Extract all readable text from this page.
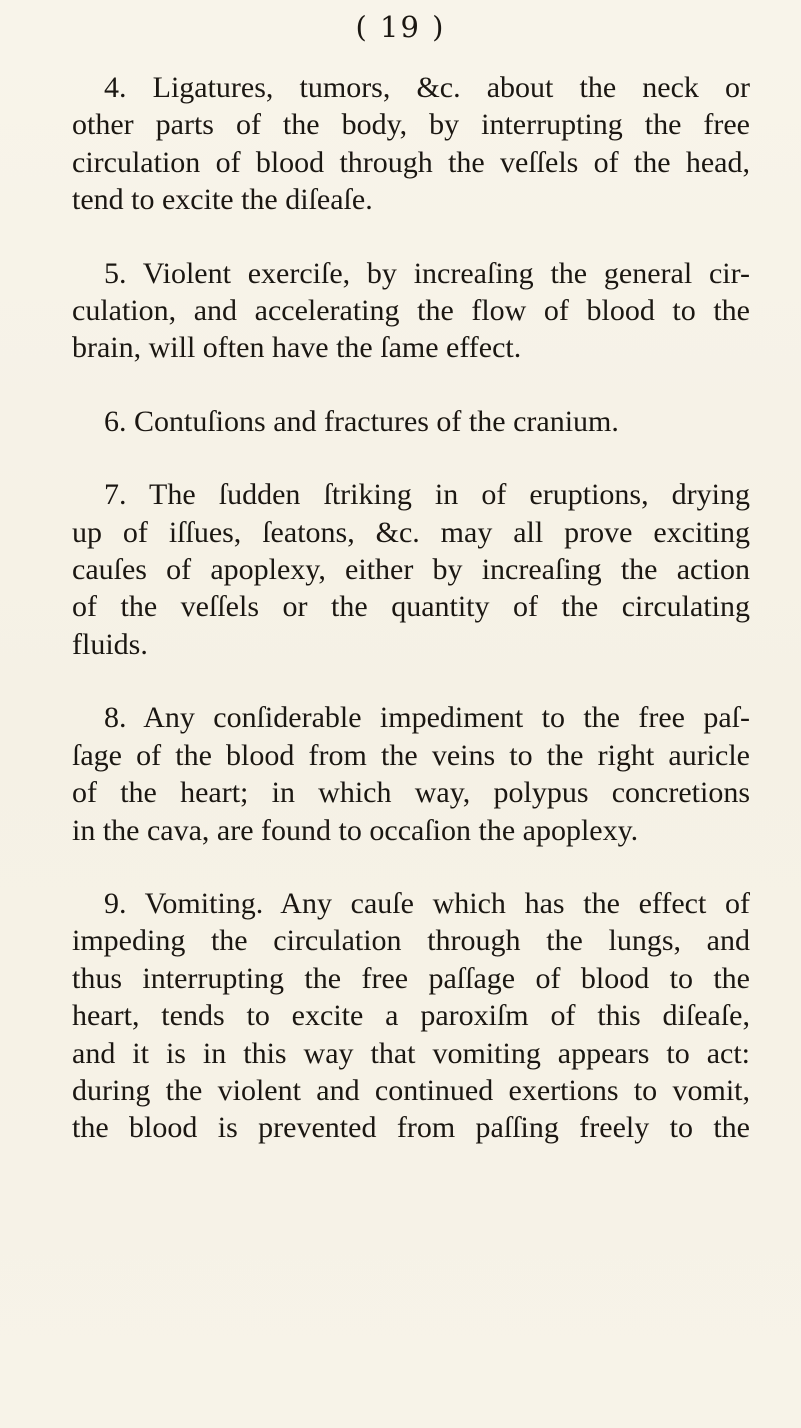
( 19 )

4. Ligatures, tumors, &c. about the neck or
other parts of the body, by interrupting the free
circulation of blood through the veſſels of the head,
tend to excite the diſeaſe.

5. Violent exerciſe, by increaſing the general cir-
culation, and accelerating the flow of blood to the
brain, will often have the ſame effect.

6. Contuſions and fractures of the cranium.

7. The ſudden ſtriking in of eruptions, drying
up of iſſues, ſeatons, &c. may all prove exciting
cauſes of apoplexy, either by increaſing the action
of the veſſels or the quantity of the circulating
fluids.

8. Any conſiderable impediment to the free paſ-
ſage of the blood from the veins to the right auricle
of the heart; in which way, polypus concretions
in the cava, are found to occaſion the apoplexy.

9. Vomiting. Any cauſe which has the effect of
impeding the circulation through the lungs, and
thus interrupting the free paſſage of blood to the
heart, tends to excite a paroxiſm of this diſeaſe,
and it is in this way that vomiting appears to act:
during the violent and continued exertions to vomit,
the blood is prevented from paſſing freely to the
